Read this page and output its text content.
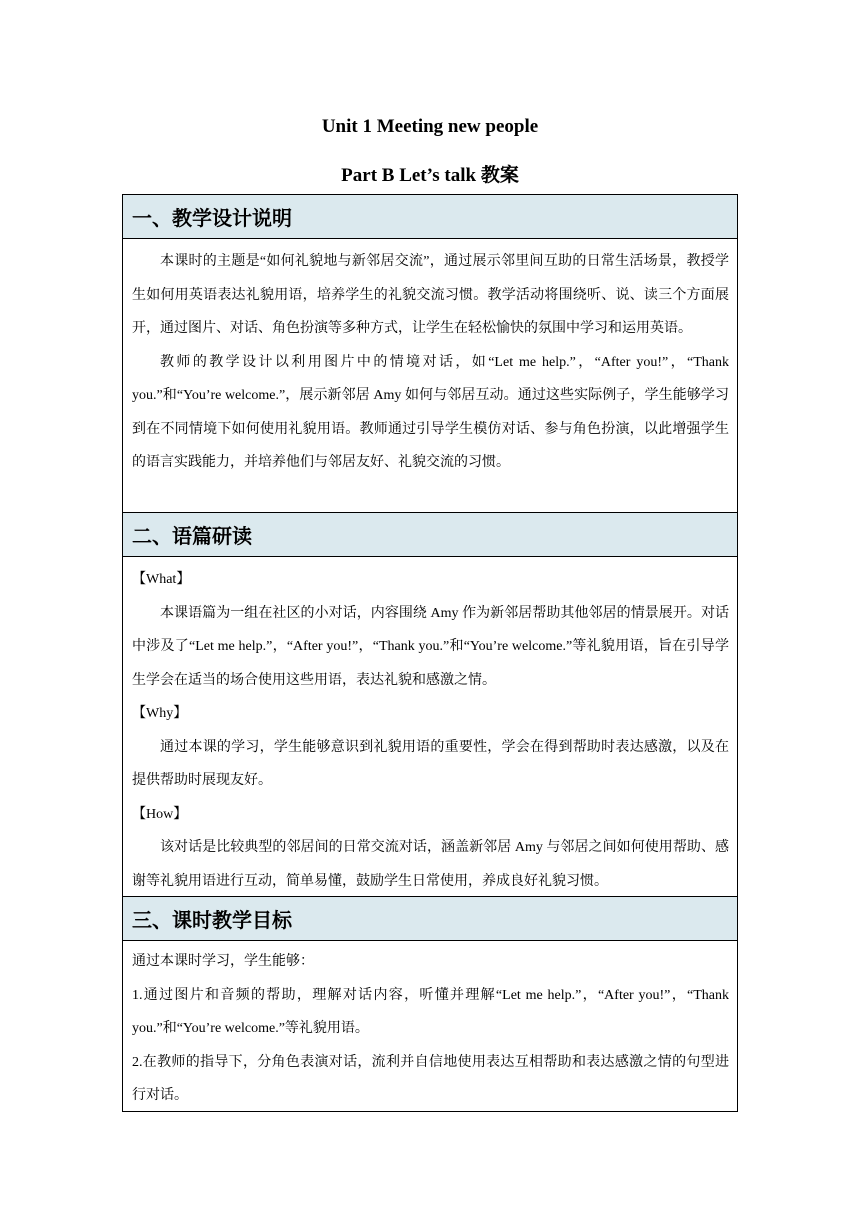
Unit 1 Meeting new people
Part B Let’s talk 教案
一、教学设计说明

本课时的主题是“如何礼貌地与新邻居交流”，通过展示邻里间互助的日常生活场景，教授学生如何用英语表达礼貌用语，培养学生的礼貌交流习惯。教学活动将围绕听、说、读三个方面展开，通过图片、对话、角色扮演等多种方式，让学生在轻松愉快的氛围中学习和运用英语。

教师的教学设计以利用图片中的情境对话，如“Let me help.”，“After you!”，“Thank you.”和“You’re welcome.”，展示新邻居 Amy 如何与邻居互动。通过这些实际例子，学生能够学习到在不同情境下如何使用礼貌用语。教师通过引导学生模仿对话、参与角色扮演，以此增强学生的语言实践能力，并培养他们与邻居友好、礼貌交流的习惯。

二、语篇研读

【What】

本课语篇为一组在社区的小对话，内容围绕 Amy 作为新邻居帮助其他邻居的情景展开。对话中涉及了“Let me help.”，“After you!”，“Thank you.”和“You’re welcome.”等礼貌用语，旨在引导学生学会在适当的场合使用这些用语，表达礼貌和感激之情。

【Why】

通过本课的学习，学生能够意识到礼貌用语的重要性，学会在得到帮助时表达感激，以及在提供帮助时展现友好。

【How】

该对话是比较典型的邻居间的日常交流对话，涵盖新邻居 Amy 与邻居之间如何使用帮助、感谢等礼貌用语进行互动，简单易懂，鼓励学生日常使用，养成良好礼貌习惯。

三、课时教学目标

通过本课时学习，学生能够：

1.通过图片和音频的帮助，理解对话内容，听懂并理解“Let me help.”，“After you!”，“Thank you.”和“You’re welcome.”等礼貌用语。

2.在教师的指导下，分角色表演对话，流利并自信地使用表达互相帮助和表达感激之情的句型进行对话。
